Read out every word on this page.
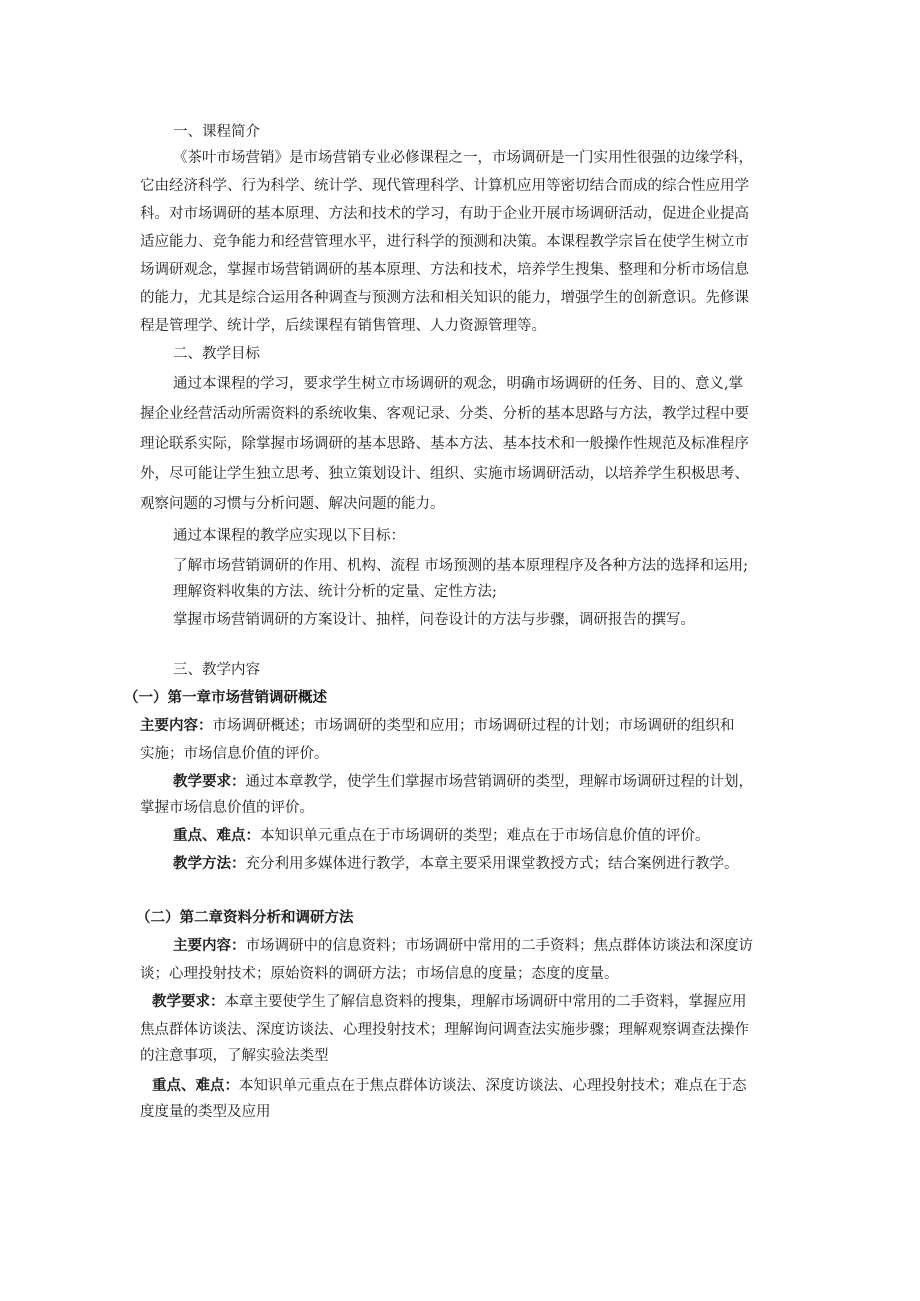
一、课程简介
《茶叶市场营销》是市场营销专业必修课程之一，市场调研是一门实用性很强的边缘学科，
它由经济科学、行为科学、统计学、现代管理科学、计算机应用等密切结合而成的综合性应用学
科。对市场调研的基本原理、方法和技术的学习，有助于企业开展市场调研活动，促进企业提高
适应能力、竞争能力和经营管理水平，进行科学的预测和决策。本课程教学宗旨在使学生树立市
场调研观念，掌握市场营销调研的基本原理、方法和技术，培养学生搜集、整理和分析市场信息
的能力，尤其是综合运用各种调查与预测方法和相关知识的能力，增强学生的创新意识。先修课
程是管理学、统计学，后续课程有销售管理、人力资源管理等。
二、教学目标
通过本课程的学习，要求学生树立市场调研的观念，明确市场调研的任务、目的、意义,掌
握企业经营活动所需资料的系统收集、客观记录、分类、分析的基本思路与方法，教学过程中要
理论联系实际，除掌握市场调研的基本思路、基本方法、基本技术和一般操作性规范及标准程序
外，尽可能让学生独立思考、独立策划设计、组织、实施市场调研活动，以培养学生积极思考、
观察问题的习惯与分析问题、解决问题的能力。
通过本课程的教学应实现以下目标：
了解市场营销调研的作用、机构、流程 市场预测的基本原理程序及各种方法的选择和运用;
理解资料收集的方法、统计分析的定量、定性方法;
掌握市场营销调研的方案设计、抽样，问卷设计的方法与步骤，调研报告的撰写。
三、教学内容
（一）第一章市场营销调研概述
主要内容：市场调研概述；市场调研的类型和应用；市场调研过程的计划；市场调研的组织和
实施；市场信息价值的评价。
教学要求：通过本章教学，使学生们掌握市场营销调研的类型，理解市场调研过程的计划，
掌握市场信息价值的评价。
重点、难点：本知识单元重点在于市场调研的类型；难点在于市场信息价值的评价。
教学方法：充分利用多媒体进行教学，本章主要采用课堂教授方式；结合案例进行教学。
（二）第二章资料分析和调研方法
主要内容：市场调研中的信息资料；市场调研中常用的二手资料；焦点群体访谈法和深度访
谈；心理投射技术；原始资料的调研方法；市场信息的度量；态度的度量。
教学要求：本章主要使学生了解信息资料的搜集，理解市场调研中常用的二手资料，掌握应用
焦点群体访谈法、深度访谈法、心理投射技术；理解询问调查法实施步骤；理解观察调查法操作
的注意事项，了解实验法类型
重点、难点：本知识单元重点在于焦点群体访谈法、深度访谈法、心理投射技术；难点在于态
度度量的类型及应用
